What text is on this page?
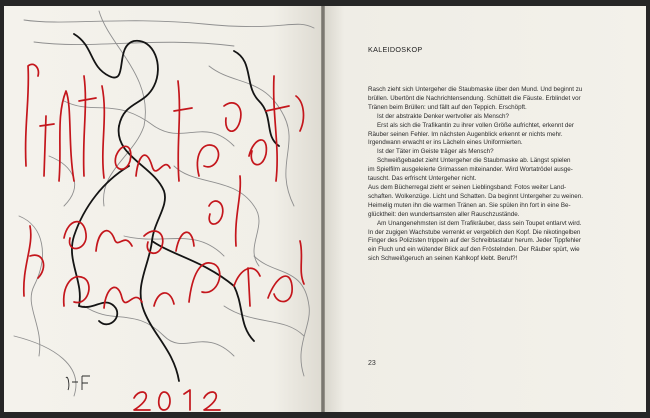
KALEIDOSKOP
Rasch zieht sich Untergeher die Staubmaske über den Mund. Und beginnt zu
brüllen. Übertönt die Nachrichtensendung. Schüttelt die Fäuste. Erblindet vor
Tränen beim Brüllen: und fällt auf den Teppich. Erschöpft.
Ist der abstrakte Denker wertvoller als Mensch?
Erst als sich die Trafikantin zu ihrer vollen Größe aufrichtet, erkennt der
Räuber seinen Fehler. Im nächsten Augenblick erkennt er nichts mehr.
Irgendwann erwacht er ins Lächeln eines Uniformierten.
Ist der Täter im Geiste träger als Mensch?
Schweißgebadet zieht Untergeher die Staubmaske ab. Längst spielen
im Spielfilm ausgeleierte Grimassen miteinander. Wird Wortatrödel ausge-
tauscht. Das erfrischt Untergeher nicht.
Aus dem Bücherregal zieht er seinen Lieblingsband: Fotos weiter Land-
schaften. Wolkenzüge. Licht und Schatten. Da beginnt Untergeher zu weinen.
Heimelig muten ihn die warmen Tränen an. Sie spülen ihn fort in eine Be-
glücktheit: den wundertsamsten aller Rauschzustände.
Am Unangenehmsten ist dem Trafikräuber, dass sein Toupet entlarvt wird.
In der zugigen Wachstube verrenkt er vergeblich den Kopf. Die nikotingelben
Finger des Polizisten trippeln auf der Schreibtastatur herum. Jeder Tippfehler
ein Fluch und ein wütender Blick auf den Fröstelnden. Der Räuber spürt, wie
sich Schweißgeruch an seinen Kahlkopf klebt. Beruf?!
23
